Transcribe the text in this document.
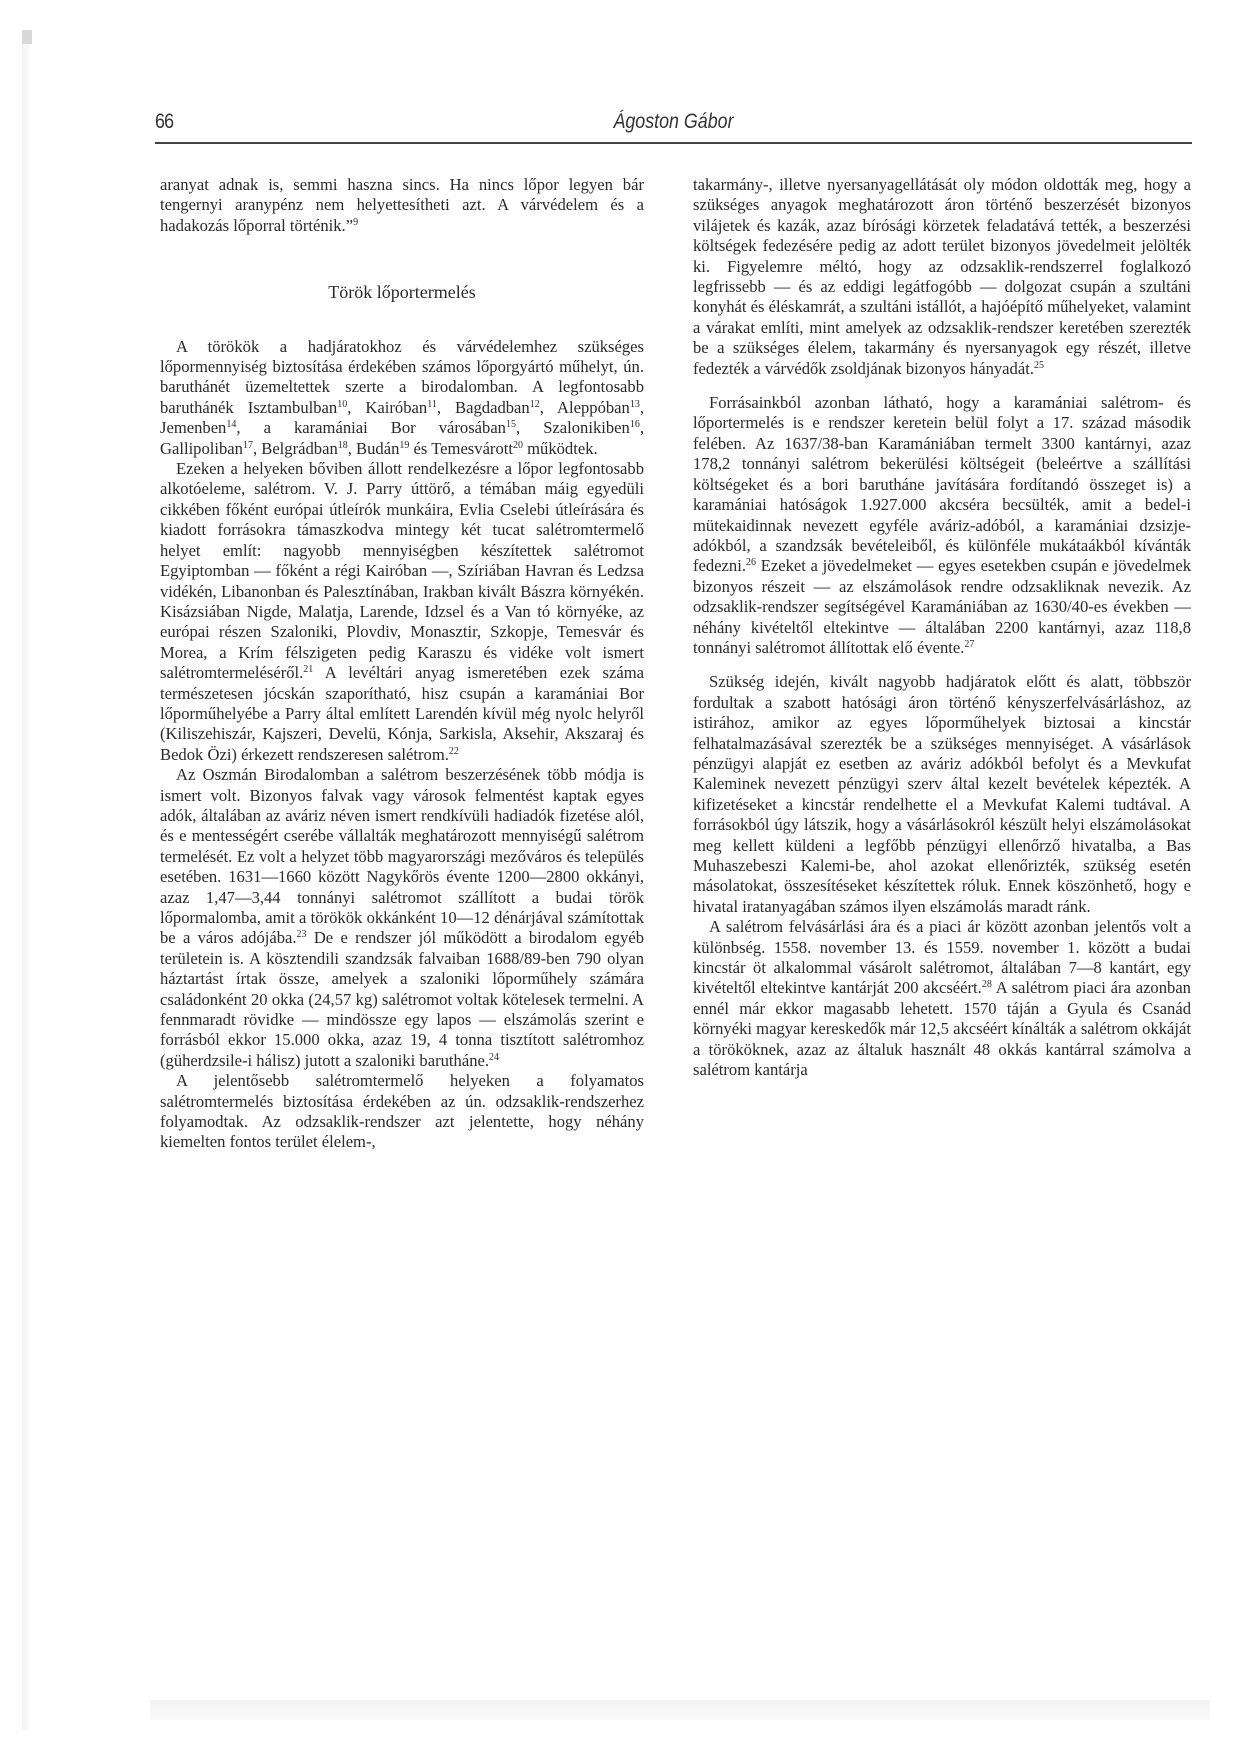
66	Ágoston Gábor

aranyat adnak is, semmi haszna sincs. Ha nincs lőpor legyen bár tengernyi aranypénz nem helyettesítheti azt. A várvédelem és a hadakozás lőporral történik.”$^9$

Török lőportermelés

A törökök a hadjáratokhoz és várvédelemhez szükséges lőpormennyiség biztosítása érdekében számos lőporgyártó műhelyt, ún. baruthánét üzemeltettek szerte a birodalomban. A legfontosabb baruthánék Isztambulban$^{10}$, Kairóban$^{11}$, Bagdadban$^{12}$, Aleppóban$^{13}$, Jemenben$^{14}$, a karamániai Bor városában$^{15}$, Szalonikiben$^{16}$, Gallipoliban$^{17}$, Belgrádban$^{18}$, Budán$^{19}$ és Temesvárott$^{20}$ működtek.

Ezeken a helyeken bőviben állott rendelkezésre a lőpor legfontosabb alkotóeleme, salétrom. V. J. Parry úttörő, a témában máig egyedüli cikkében főként európai útleírók munkáira, Evlia Cselebi útleírására és kiadott forrásokra támaszkodva mintegy két tucat salétromtermelő helyet említ: nagyobb mennyiségben készítettek salétromot Egyiptomban — főként a régi Kairóban —, Szíriában Havran és Ledzsa vidékén, Libanonban és Palesztínában, Irakban kivált Bászra környékén. Kisázsiában Nigde, Malatja, Larende, Idzsel és a Van tó környéke, az európai részen Szaloniki, Plovdiv, Monasztir, Szkopje, Temesvár és Morea, a Krím félszigeten pedig Karaszu és vidéke volt ismert salétromtermeléséről.$^{21}$ A levéltári anyag ismeretében ezek száma természetesen jócskán szaporítható, hisz csupán a karamániai Bor lőporműhelyébe a Parry által említett Larendén kívül még nyolc helyről (Kiliszehiszár, Kajszeri, Develü, Kónja, Sarkisla, Aksehir, Akszaraj és Bedok Özi) érkezett rendszeresen salétrom.$^{22}$

Az Oszmán Birodalomban a salétrom beszerzésének több módja is ismert volt. Bizonyos falvak vagy városok felmentést kaptak egyes adók, általában az aváriz néven ismert rendkívüli hadiadók fizetése alól, és e mentességért cserébe vállalták meghatározott mennyiségű salétrom termelését. Ez volt a helyzet több magyarországi mezőváros és település esetében. 1631—1660 között Nagykőrös évente 1200—2800 okkányi, azaz 1,47—3,44 tonnányi salétromot szállított a budai török lőpormalomba, amit a törökök okkánként 10—12 dénárjával számítottak be a város adójába.$^{23}$ De e rendszer jól működött a birodalom egyéb területein is. A kösztendili szandzsák falvaiban 1688/89-ben 790 olyan háztartást írtak össze, amelyek a szaloniki lőporműhely számára családonként 20 okka (24,57 kg) salétromot voltak kötelesek termelni. A fennmaradt rövidke — mindössze egy lapos — elszámolás szerint e forrásból ekkor 15.000 okka, azaz 19, 4 tonna tisztított salétromhoz (güherdzsile-i hálisz) jutott a szaloniki barutháne.$^{24}$

A jelentősebb salétromtermelő helyeken a folyamatos salétromtermelés biztosítása érdekében az ún. odzsaklik-rendszerhez folyamodtak. Az odzsaklik-rendszer azt jelentette, hogy néhány kiemelten fontos terület élelem-,

takarmány-, illetve nyersanyagellátását oly módon oldották meg, hogy a szükséges anyagok meghatározott áron történő beszerzését bizonyos vilájetek és kazák, azaz bírósági körzetek feladatává tették, a beszerzési költségek fedezésére pedig az adott terület bizonyos jövedelmeit jelölték ki. Figyelemre méltó, hogy az odzsaklik-rendszerrel foglalkozó legfrissebb — és az eddigi legátfogóbb — dolgozat csupán a szultáni konyhát és éléskamrát, a szultáni istállót, a hajóépítő műhelyeket, valamint a várakat említi, mint amelyek az odzsaklik-rendszer keretében szerezték be a szükséges élelem, takarmány és nyersanyagok egy részét, illetve fedezték a várvédők zsoldjának bizonyos hányadát.$^{25}$

Forrásainkból azonban látható, hogy a karamániai salétrom- és lőportermelés is e rendszer keretein belül folyt a 17. század második felében. Az 1637/38-ban Karamániában termelt 3300 kantárnyi, azaz 178,2 tonnányi salétrom bekerülési költségeit (beleértve a szállítási költségeket és a bori barutháne javítására fordítandó összeget is) a karamániai hatóságok 1.927.000 akcséra becsülték, amit a bedel-i mütekaidinnak nevezett egyféle aváriz-adóból, a karamániai dzsizje-adókból, a szandzsák bevételeiből, és különféle mukátaákból kívánták fedezni.$^{26}$ Ezeket a jövedelmeket — egyes esetekben csupán e jövedelmek bizonyos részeit — az elszámolások rendre odzsakliknak nevezik. Az odzsaklik-rendszer segítségével Karamániában az 1630/40-es években — néhány kivételtől eltekintve — általában 2200 kantárnyi, azaz 118,8 tonnányi salétromot állítottak elő évente.$^{27}$

Szükség idején, kivált nagyobb hadjáratok előtt és alatt, többször fordultak a szabott hatósági áron történő kényszerfelvásárláshoz, az istirához, amikor az egyes lőporműhelyek biztosai a kincstár felhatalmazásával szerezték be a szükséges mennyiséget. A vásárlások pénzügyi alapját ez esetben az aváriz adókból befolyt és a Mevkufat Kaleminek nevezett pénzügyi szerv által kezelt bevételek képezték. A kifizetéseket a kincstár rendelhette el a Mevkufat Kalemi tudtával. A forrásokból úgy látszik, hogy a vásárlásokról készült helyi elszámolásokat meg kellett küldeni a legfőbb pénzügyi ellenőrző hivatalba, a Bas Muhaszebeszi Kalemi-be, ahol azokat ellenőrizték, szükség esetén másolatokat, összesítéseket készítettek róluk. Ennek köszönhető, hogy e hivatal iratanyagában számos ilyen elszámolás maradt ránk.

A salétrom felvásárlási ára és a piaci ár között azonban jelentős volt a különbség. 1558. november 13. és 1559. november 1. között a budai kincstár öt alkalommal vásárolt salétromot, általában 7—8 kantárt, egy kivételtől eltekintve kantárját 200 akcséért.$^{28}$ A salétrom piaci ára azonban ennél már ekkor magasabb lehetett. 1570 táján a Gyula és Csanád környéki magyar kereskedők már 12,5 akcséért kínálták a salétrom okkáját a törököknek, azaz az általuk használt 48 okkás kantárral számolva a salétrom kantárja
